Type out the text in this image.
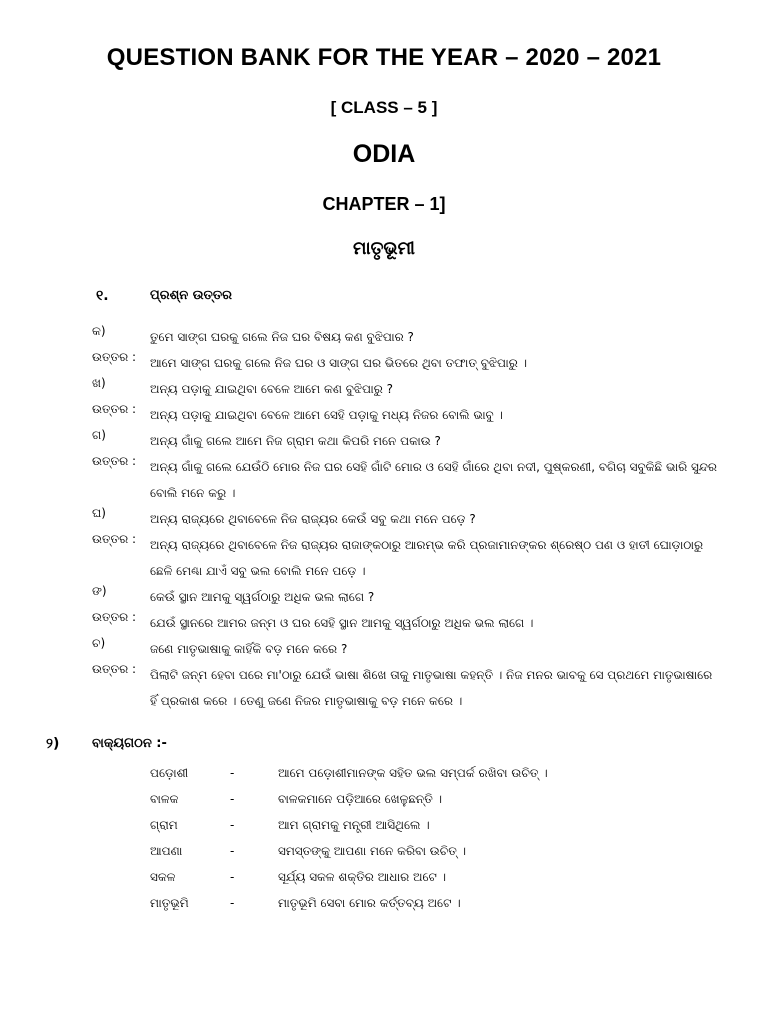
QUESTION BANK FOR THE YEAR – 2020 – 2021
[ CLASS – 5 ]
ODIA
CHAPTER – 1]
ମାତୃଭୂମୀ
୧.	ପ୍ରଶ୍ନ ଉତ୍ତର
କ)	ତୁମେ ସାଙ୍ଗ ଘରକୁ ଗଲେ ନିଜ ଘର ବିଷୟ କଣ ବୁଝିପାର ?
ଉତ୍ତର : ଆମେ ସାଙ୍ଗ ଘରକୁ ଗଲେ ନିଜ ଘର ଓ ସାଙ୍ଗ ଘର ଭିତରେ ଥିବା ତଫାତ୍ ବୁଝିପାରୁ ।
ଖ)	ଅନ୍ୟ ପଡ଼ାକୁ ଯାଇଥିବା ବେଳେ ଆମେ କଣ ବୁଝିପାରୁ ?
ଉତ୍ତର : ଅନ୍ୟ ପଡ଼ାକୁ ଯାଇଥିବା ବେଳେ ଆମେ ସେହି ପଡ଼ାକୁ ମଧ୍ୟ ନିଜର ବୋଲି ଭାବୁ ।
ଗ)	ଅନ୍ୟ ଗାଁକୁ ଗଲେ ଆମେ ନିଜ ଗ୍ରାମ କଥା କିପରି ମନେ ପକାଉ ?
ଉତ୍ତର : ଅନ୍ୟ ଗାଁକୁ ଗଲେ ଯେଉଁଠି ମୋର ନିଜ ଘର ସେହି ଗାଁଟି ମୋର ଓ ସେହି ଗାଁରେ ଥିବା ନଦୀ, ପୁଷ୍କରଣୀ, ବଗିଚା ସବୁକିଛି ଭାରି ସୁନ୍ଦର ବୋଲି ମନେ କରୁ ।
ଘ)	ଅନ୍ୟ ରାଜ୍ୟରେ ଥିବାବେଳେ ନିଜ ରାଜ୍ୟର କେଉଁ ସବୁ କଥା ମନେ ପଡ଼େ ?
ଉତ୍ତର : ଅନ୍ୟ ରାଜ୍ୟରେ ଥିବାବେଳେ ନିଜ ରାଜ୍ୟର ରାଜାଙ୍କଠାରୁ ଆରମ୍ଭ କରି ପ୍ରଜାମାନଙ୍କର ଶ୍ରେଷ୍ଠ ପଣ ଓ ହାତୀ ଘୋଡ଼ାଠାରୁ ଛେଳି ମେଣ୍ଢା ଯାଏଁ ସବୁ ଭଲ ବୋଲି ମନେ ପଡ଼େ ।
ଙ)	କେଉଁ ସ୍ଥାନ ଆମକୁ ସ୍ୱର୍ଗଠାରୁ ଅଧିକ ଭଲ ଲାଗେ ?
ଉତ୍ତର : ଯେଉଁ ସ୍ଥାନରେ ଆମର ଜନ୍ମ ଓ ଘର ସେହି ସ୍ଥାନ ଆମକୁ ସ୍ୱର୍ଗଠାରୁ ଅଧିକ ଭଲ ଲାଗେ ।
ଚ)	ଜଣେ ମାତୃଭାଷାକୁ କାହିଁକି ବଡ଼ ମନେ କରେ ?
ଉତ୍ତର : ପିଲାଟି ଜନ୍ମ ହେବା ପରେ ମା'ଠାରୁ ଯେଉଁ ଭାଷା ଶିଖେ ତାକୁ ମାତୃଭାଷା କହନ୍ତି । ନିଜ ମନର ଭାବକୁ ସେ ପ୍ରଥମେ ମାତୃଭାଷାରେ ହିଁ ପ୍ରକାଶ କରେ । ତେଣୁ ଜଣେ ନିଜର ମାତୃଭାଷାକୁ ବଡ଼ ମନେ କରେ ।
୨)	ବାକ୍ୟଗଠନ :-
ପଡ଼ୋଶୀ	-	ଆମେ ପଡ଼ୋଶୀମାନଙ୍କ ସହିତ ଭଲ ସମ୍ପର୍କ ରଖିବା ଉଚିତ୍ ।
ବାଳକ	-	ବାଳକମାନେ ପଡ଼ିଆରେ ଖେଳୁଛନ୍ତି ।
ଗ୍ରାମ	-	ଆମ ଗ୍ରାମକୁ ମନ୍ତ୍ରୀ ଆସିଥିଲେ ।
ଆପଣା	-	ସମସ୍ତଙ୍କୁ ଆପଣା ମନେ କରିବା ଉଚିତ୍ ।
ସକଳ	-	ସୂର୍ଯ୍ୟ ସକଳ ଶକ୍ତିର ଆଧାର ଅଟେ ।
ମାତୃଭୂମି	-	ମାତୃଭୂମି ସେବା ମୋର କର୍ତ୍ତବ୍ୟ ଅଟେ ।
